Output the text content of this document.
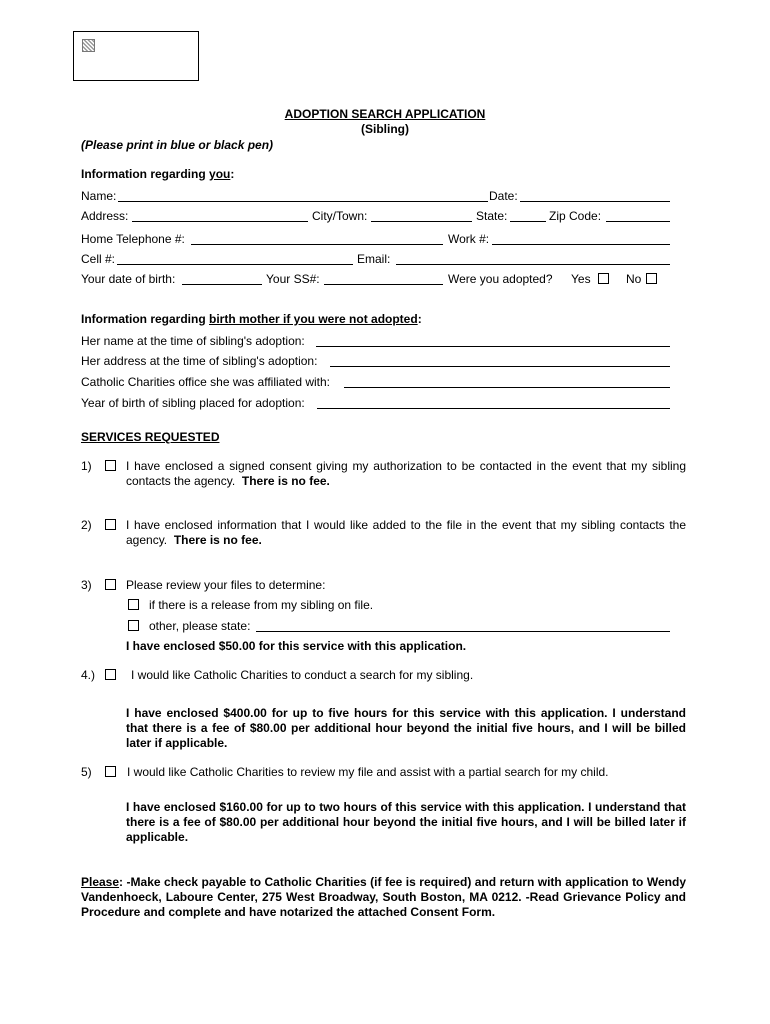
ADOPTION SEARCH APPLICATION
(Sibling)
(Please print in blue or black pen)
Information regarding you:
Name:	Date:
Address:	City/Town:	State:	Zip Code:
Home Telephone #:	Work #:
Cell #:	Email:
Your date of birth:	Your SS#:	Were you adopted? Yes	No
Information regarding birth mother if you were not adopted:
Her name at the time of sibling's adoption:
Her address at the time of sibling's adoption:
Catholic Charities office she was affiliated with:
Year of birth of sibling placed for adoption:
SERVICES REQUESTED
1)	I have enclosed a signed consent giving my authorization to be contacted in the event that my sibling contacts the agency. There is no fee.
2)	I have enclosed information that I would like added to the file in the event that my sibling contacts the agency. There is no fee.
3)	Please review your files to determine:
if there is a release from my sibling on file.
other, please state:
I have enclosed $50.00 for this service with this application.
4.)	I would like Catholic Charities to conduct a search for my sibling.
I have enclosed $400.00 for up to five hours for this service with this application. I understand that there is a fee of $80.00 per additional hour beyond the initial five hours, and I will be billed later if applicable.
5)	I would like Catholic Charities to review my file and assist with a partial search for my child.
I have enclosed $160.00 for up to two hours of this service with this application. I understand that there is a fee of $80.00 per additional hour beyond the initial five hours, and I will be billed later if applicable.
Please: -Make check payable to Catholic Charities (if fee is required) and return with application to Wendy Vandenhoeck, Laboure Center, 275 West Broadway, South Boston, MA 0212. -Read Grievance Policy and Procedure and complete and have notarized the attached Consent Form.
